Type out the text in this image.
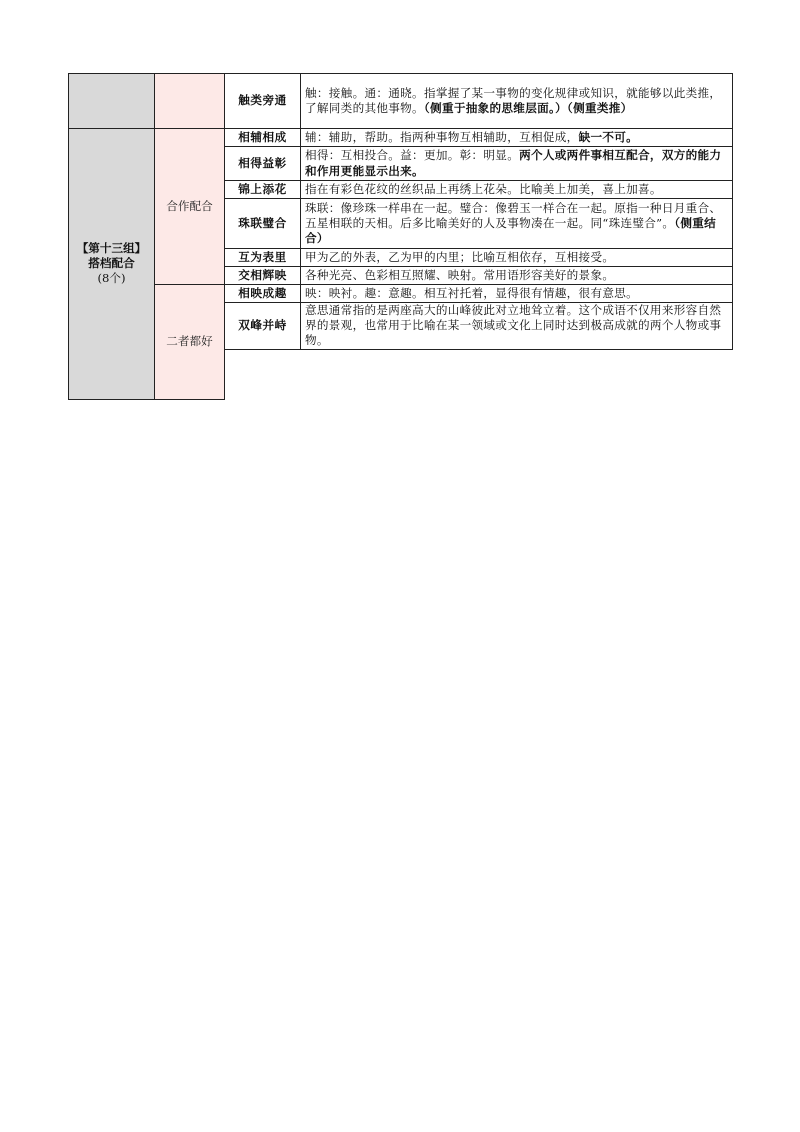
		触类旁通	触：接触。通：通晓。指掌握了某一事物的变化规律或知识，就能够以此类推，了解同类的其他事物。（侧重于抽象的思维层面。）（侧重类推）
【第十三组】搭档配合
(8个)	合作配合	相辅相成	辅：辅助，帮助。指两种事物互相辅助，互相促成，缺一不可。
		相得益彰	相得：互相投合。益：更加。彰：明显。两个人或两件事相互配合，双方的能力和作用更能显示出来。
		锦上添花	指在有彩色花纹的丝织品上再绣上花朵。比喻美上加美，喜上加喜。
		珠联璧合	珠联：像珍珠一样串在一起。璧合：像碧玉一样合在一起。原指一种日月重合、五星相联的天相。后多比喻美好的人及事物凑在一起。同“珠连璧合”。（侧重结合）
		互为表里	甲为乙的外表，乙为甲的内里；比喻互相依存，互相接受。
		交相辉映	各种光亮、色彩相互照耀、映射。常用语形容美好的景象。
	二者都好	相映成趣	映：映衬。趣：意趣。相互衬托着，显得很有情趣，很有意思。
		双峰并峙	意思通常指的是两座高大的山峰彼此对立地耸立着。这个成语不仅用来形容自然界的景观，也常用于比喻在某一领域或文化上同时达到极高成就的两个人物或事物。
